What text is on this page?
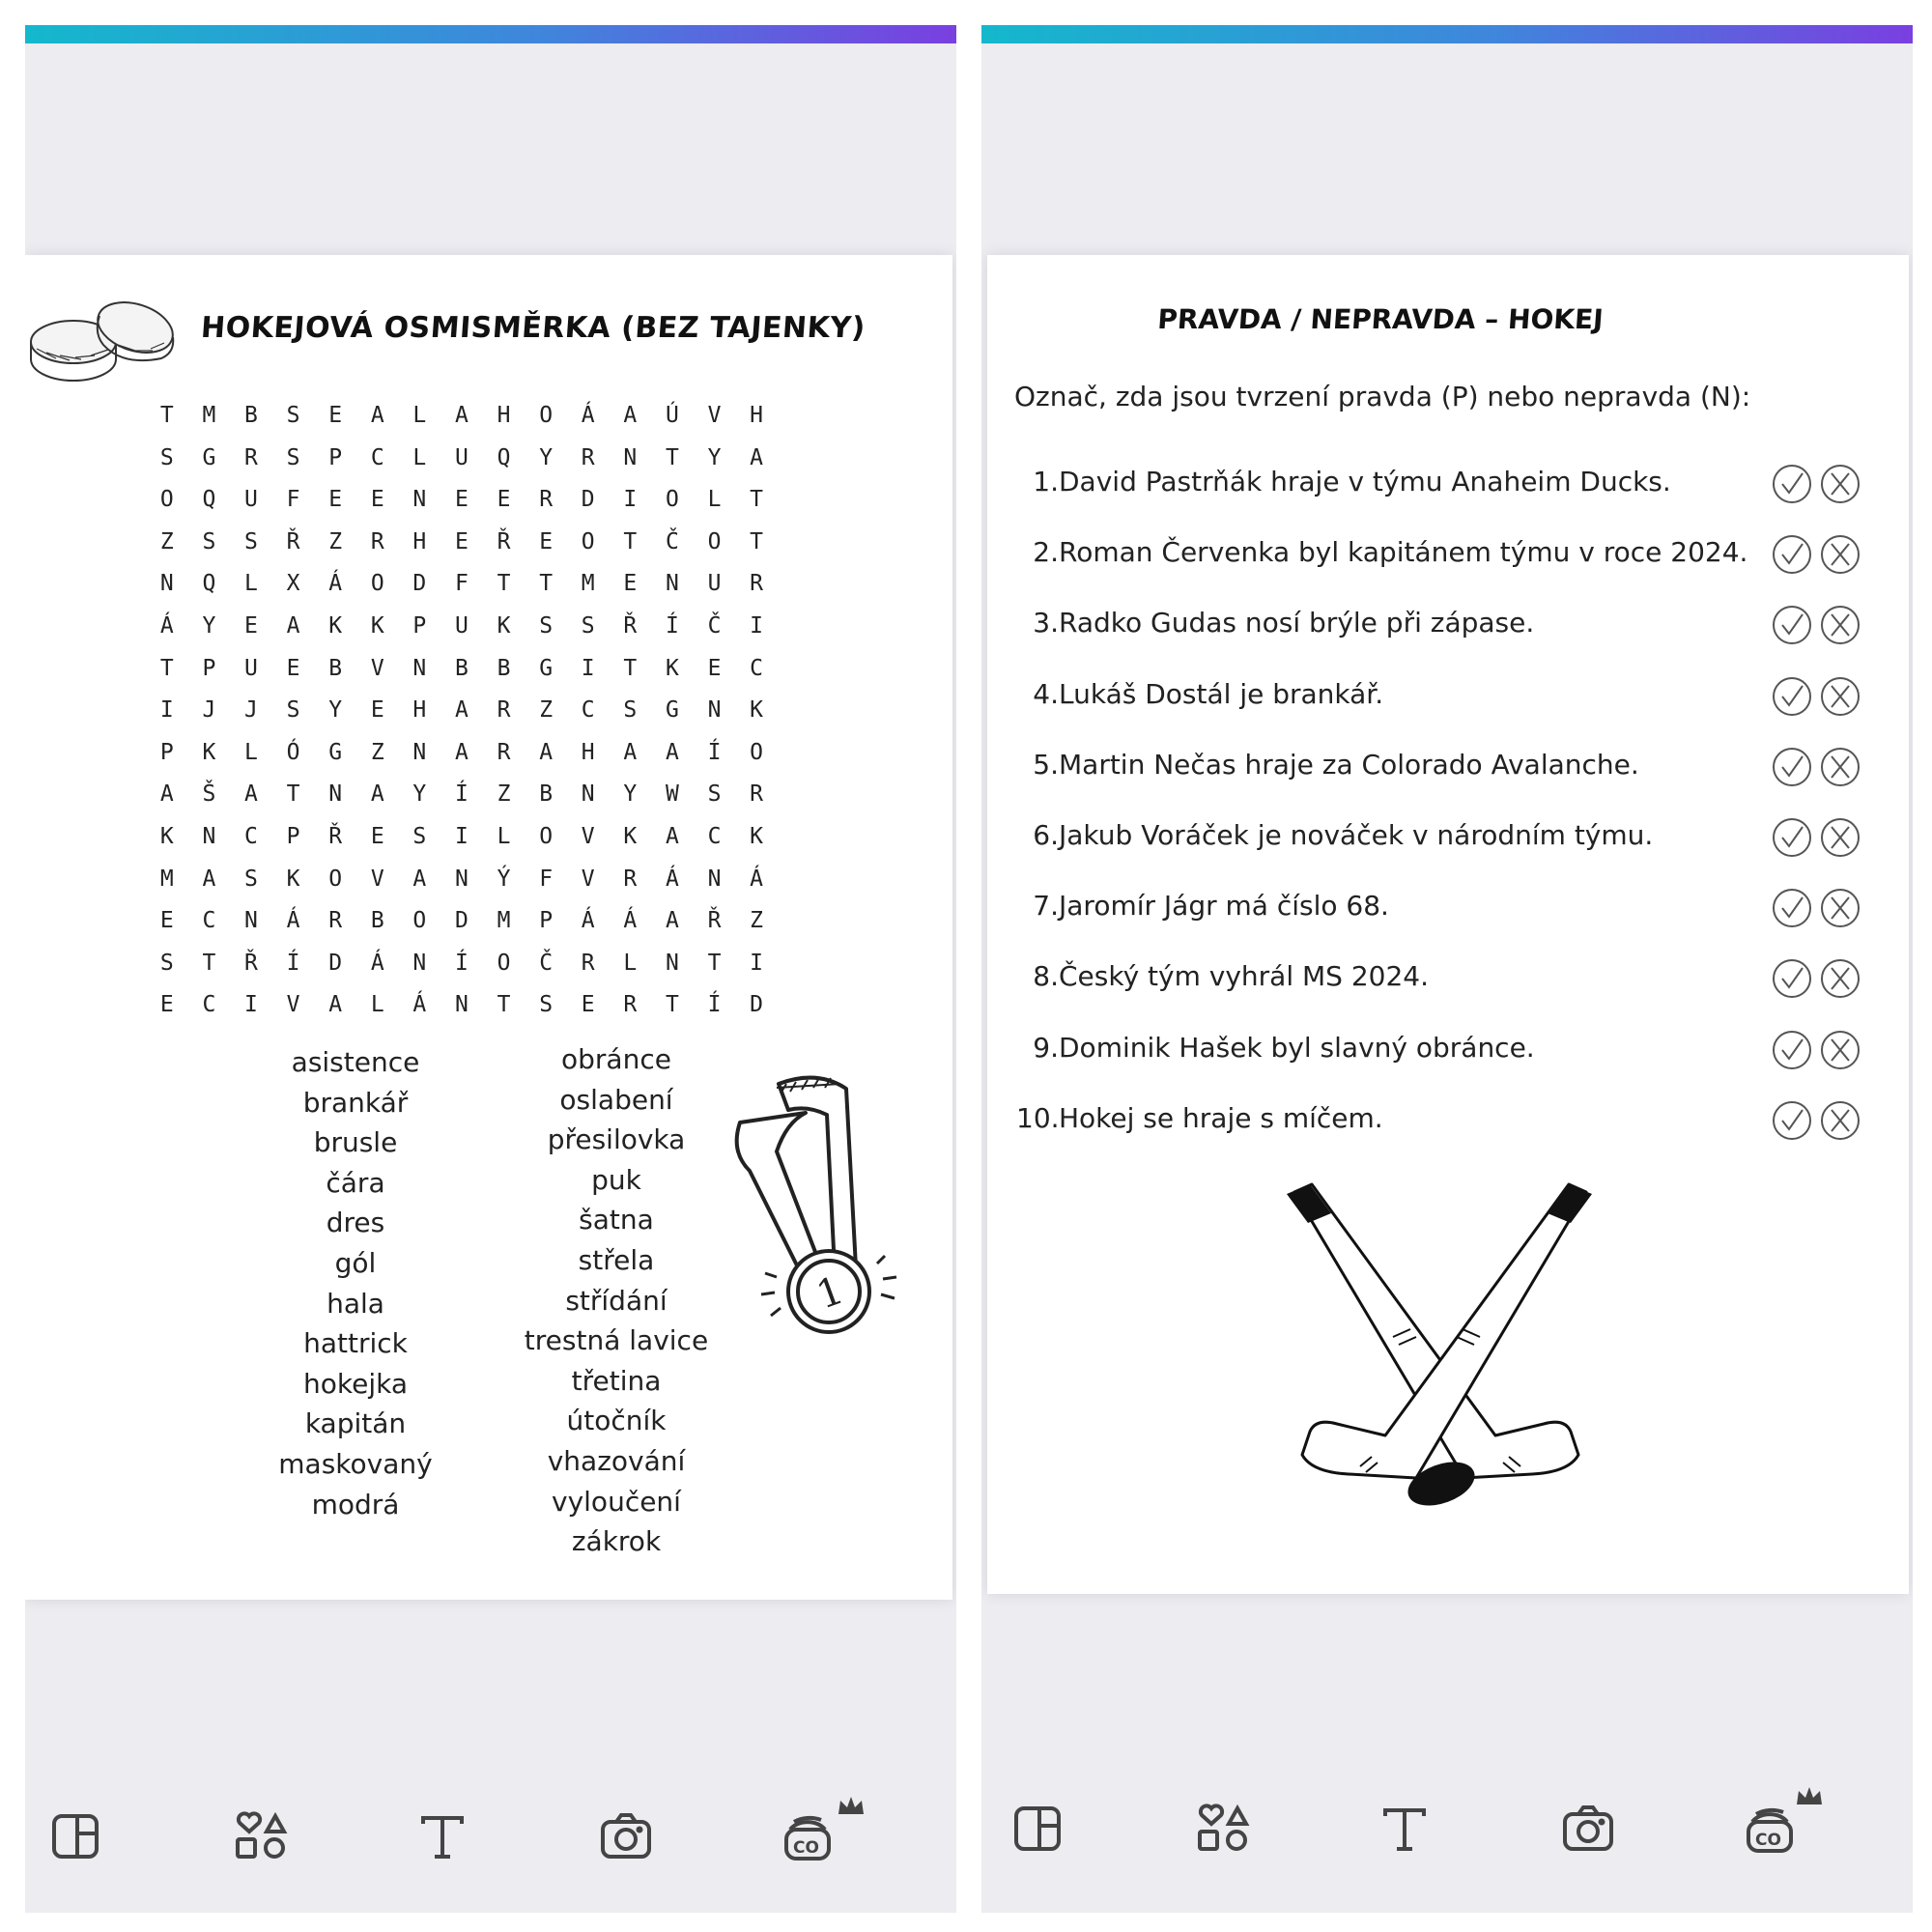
HOKEJOVÁ OSMISMĚRKA (BEZ TAJENKY)
T	M	B	S	E	A	L	A	H	O	Á	A	Ú	V	H
S	G	R	S	P	C	L	U	Q	Y	R	N	T	Y	A
O	Q	U	F	E	E	N	E	E	R	D	I	O	L	T
Z	S	S	Ř	Z	R	H	E	Ř	E	O	T	Č	O	T
N	Q	L	X	Á	O	D	F	T	T	M	E	N	U	R
Á	Y	E	A	K	K	P	U	K	S	S	Ř	Í	Č	I
T	P	U	E	B	V	N	B	B	G	I	T	K	E	C
I	J	J	S	Y	E	H	A	R	Z	C	S	G	N	K
P	K	L	Ó	G	Z	N	A	R	A	H	A	A	Í	O
A	Š	A	T	N	A	Y	Í	Z	B	N	Y	W	S	R
K	N	C	P	Ř	E	S	I	L	O	V	K	A	C	K
M	A	S	K	O	V	A	N	Ý	F	V	R	Á	N	Á
E	C	N	Á	R	B	O	D	M	P	Á	Á	A	Ř	Z
S	T	Ř	Í	D	Á	N	Í	O	Č	R	L	N	T	I
E	C	I	V	A	L	Á	N	T	S	E	R	T	Í	D
asistence
brankář
brusle
čára
dres
gól
hala
hattrick
hokejka
kapitán
maskovaný
modrá
obránce
oslabení
přesilovka
puk
šatna
střela
střídání
trestná lavice
třetina
útočník
vhazování
vyloučení
zákrok
1
CO
PRAVDA / NEPRAVDA – HOKEJ
Označ, zda jsou tvrzení pravda (P) nebo nepravda (N):
1. David Pastrňák hraje v týmu Anaheim Ducks.
2. Roman Červenka byl kapitánem týmu v roce 2024.
3. Radko Gudas nosí brýle při zápase.
4. Lukáš Dostál je brankář.
5. Martin Nečas hraje za Colorado Avalanche.
6. Jakub Voráček je nováček v národním týmu.
7. Jaromír Jágr má číslo 68.
8. Český tým vyhrál MS 2024.
9. Dominik Hašek byl slavný obránce.
10. Hokej se hraje s míčem.
CO
